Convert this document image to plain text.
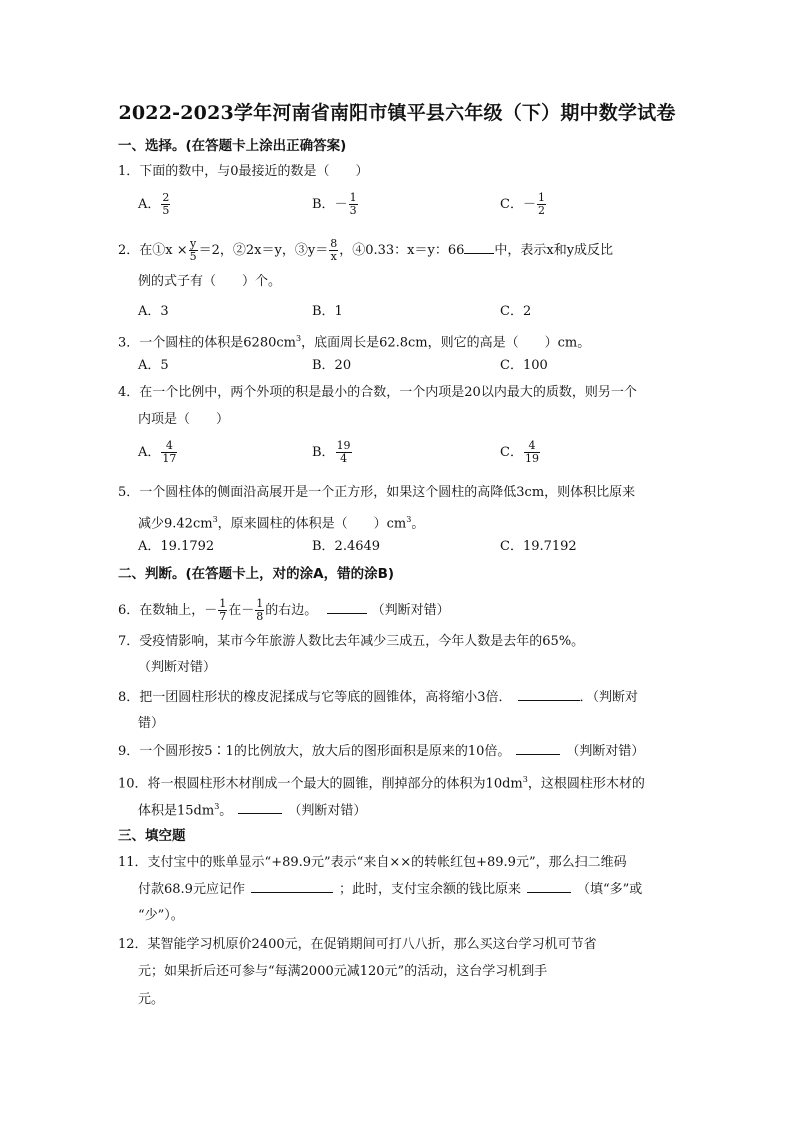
2022-2023学年河南省南阳市镇平县六年级（下）期中数学试卷
一、选择。(在答题卡上涂出正确答案)
1．下面的数中，与0最接近的数是（　　）
A． $\frac{2}{5}$	B．－ $\frac{1}{3}$	C．－ $\frac{1}{2}$
2．在①x × $\frac{y}{5} =2$，②2x＝y，③y＝ $\frac{8}{x}$ ，④0.33：x＝y：66 中，表示x和y成反比
例的式子有（　　）个。
A．3	B．1	C．2
3．一个圆柱的体积是$6280cm^3$，底面周长是62.8cm，则它的高是（　　）cm。
A．5	B．20	C．100
4．在一个比例中，两个外项的积是最小的合数，一个内项是20以内最大的质数，则另一个
内项是（　　）
A． $\frac{4}{17}$	B． $\frac{19}{4}$	C． $\frac{4}{19}$
5．一个圆柱体的侧面沿高展开是一个正方形，如果这个圆柱的高降低3cm，则体积比原来
减少$9.42cm^3$，原来圆柱的体积是（　　）$cm^3$。
A．19.1792	B．2.4649	C．19.7192
二、判断。(在答题卡上，对的涂A，错的涂B)
6．在数轴上，－ $\frac{1}{7}$ 在－ $\frac{1}{8}$ 的右边。	（判断对错）
7．受疫情影响，某市今年旅游人数比去年减少三成五，今年人数是去年的65%。
（判断对错）
8．把一团圆柱形状的橡皮泥揉成与它等底的圆锥体，高将缩小3倍．	．（判断对
错）
9．一个圆形按5∶1的比例放大，放大后的图形面积是原来的10倍。	（判断对错）
10．将一根圆柱形木材削成一个最大的圆锥，削掉部分的体积为$10dm^3$，这根圆柱形木材的
体积是$15dm^3$。	（判断对错）
三、填空题
11．支付宝中的账单显示“+89.9元”表示“来自××的转帐红包+89.9元”，那么扫二维码
付款68.9元应记作	；此时，支付宝余额的钱比原来	（填“多”或
“少”）。
12．某智能学习机原价2400元，在促销期间可打八八折，那么买这台学习机可节省
元；如果折后还可参与“每满2000元减120元”的活动，这台学习机到手
元。
